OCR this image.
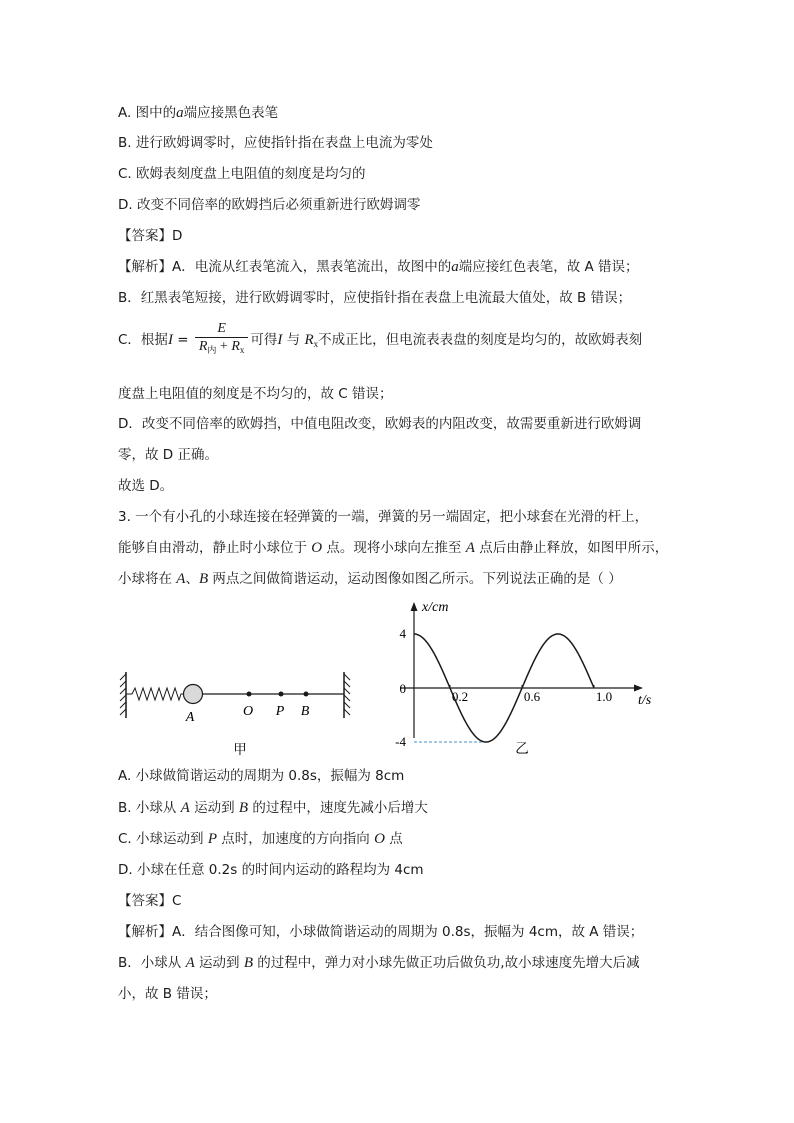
A. 图中的a端应接黑色表笔
B. 进行欧姆调零时，应使指针指在表盘上电流为零处
C. 欧姆表刻度盘上电阻值的刻度是均匀的
D. 改变不同倍率的欧姆挡后必须重新进行欧姆调零
【答案】D
【解析】A．电流从红表笔流入，黑表笔流出，故图中的a端应接红色表笔，故 A 错误；
B．红黑表笔短接，进行欧姆调零时，应使指针指在表盘上电流最大值处，故 B 错误；
C．根据$I = \frac{E}{R_内 + R_x}$ 可得I 与 $R_x$不成正比，但电流表表盘的刻度是均匀的，故欧姆表刻
度盘上电阻值的刻度是不均匀的，故 C 错误；
D．改变不同倍率的欧姆挡，中值电阻改变，欧姆表的内阻改变，故需要重新进行欧姆调
零，故 D 正确。
故选 D。
3. 一个有小孔的小球连接在轻弹簧的一端，弹簧的另一端固定，把小球套在光滑的杆上，
能够自由滑动，静止时小球位于 O 点。现将小球向左推至 A 点后由静止释放，如图甲所示，
小球将在 A、B 两点之间做简谐运动，运动图像如图乙所示。下列说法正确的是（ ）
A	O P B
甲
x/cm
t/s
4
-4
0
0.2	0.6	1.0
乙
A. 小球做简谐运动的周期为 0.8s，振幅为 8cm
B. 小球从 A 运动到 B 的过程中，速度先减小后增大
C. 小球运动到 P 点时，加速度的方向指向 O 点
D. 小球在任意 0.2s 的时间内运动的路程均为 4cm
【答案】C
【解析】A．结合图像可知，小球做简谐运动的周期为 0.8s，振幅为 4cm，故 A 错误；
B．小球从 A 运动到 B 的过程中，弹力对小球先做正功后做负功,故小球速度先增大后减
小，故 B 错误；
